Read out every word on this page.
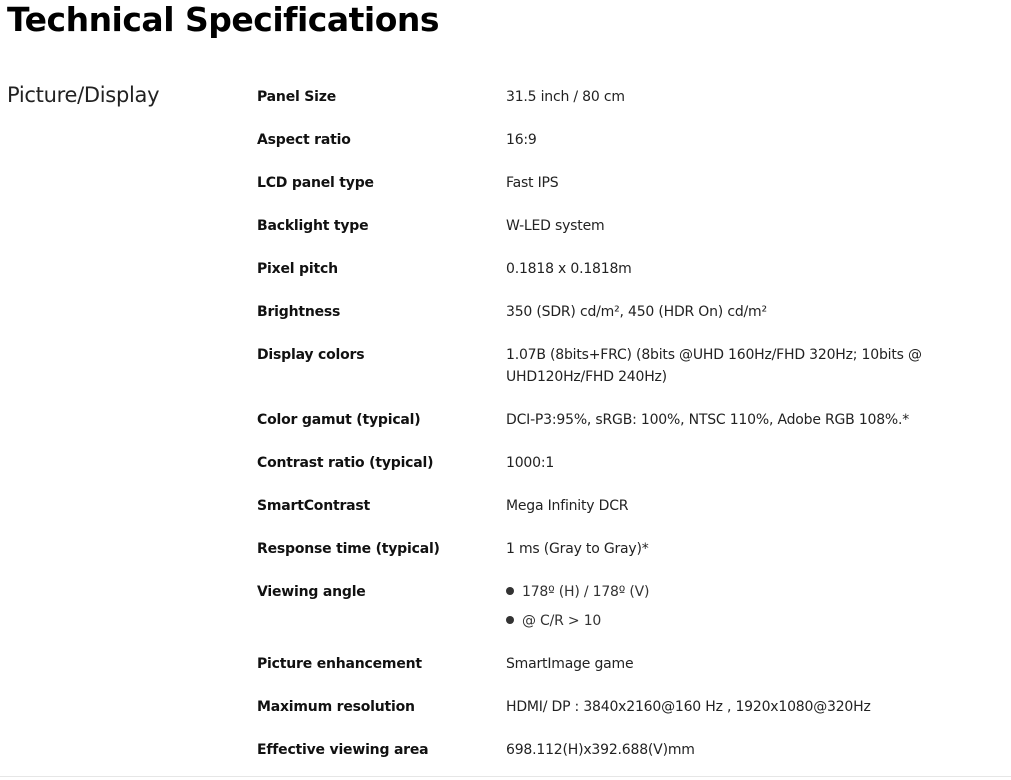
Technical Specifications
Picture/Display	Panel Size	31.5 inch / 80 cm
Aspect ratio	16:9
LCD panel type	Fast IPS
Backlight type	W-LED system
Pixel pitch	0.1818 x 0.1818m
Brightness	350 (SDR) cd/m², 450 (HDR On) cd/m²
Display colors	1.07B (8bits+FRC) (8bits @UHD 160Hz/FHD 320Hz; 10bits @ UHD120Hz/FHD 240Hz)
Color gamut (typical)	DCI-P3:95%, sRGB: 100%, NTSC 110%, Adobe RGB 108%.*
Contrast ratio (typical)	1000:1
SmartContrast	Mega Infinity DCR
Response time (typical)	1 ms (Gray to Gray)*
Viewing angle	178º (H) / 178º (V)
@ C/R > 10
Picture enhancement	SmartImage game
Maximum resolution	HDMI/ DP : 3840x2160@160 Hz , 1920x1080@320Hz
Effective viewing area	698.112(H)x392.688(V)mm
